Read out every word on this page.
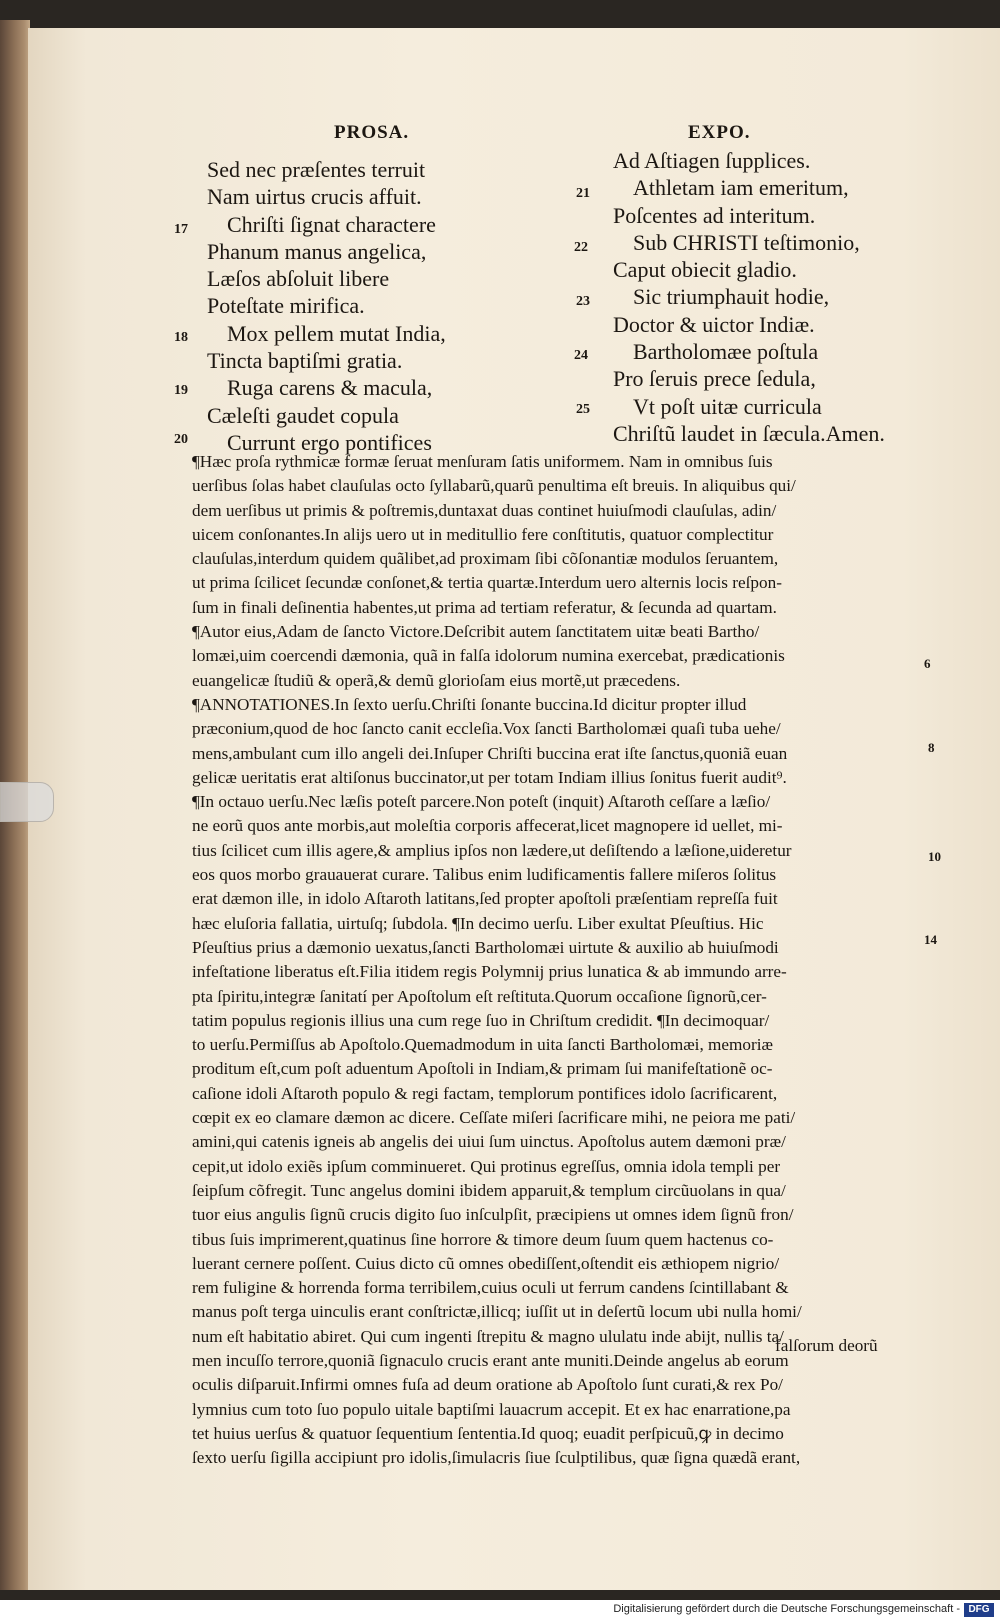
PROSA.	EXPO.
Sed nec præſentes terruit
Nam uirtus crucis affuit.
Chriſti ſignat charactere
Phanum manus angelica,
Læſos abſoluit libere
Poteſtate mirifica.
Mox pellem mutat India,
Tincta baptiſmi gratia.
Ruga carens & macula,
Cæleſti gaudet copula
Currunt ergo pontifices
Ad Aſtiagen ſupplices.
Athletam iam emeritum,
Poſcentes ad interitum.
Sub CHRISTI teſtimonio,
Caput obiecit gladio.
Sic triumphauit hodie,
Doctor & uictor Indiæ.
Bartholomæe poſtula
Pro ſeruis prece ſedula,
Vt poſt uitæ curricula
Chriſtũ laudet in ſæcula.Amen.
17
18
19
20
21
22
23
24
25
¶Hæc proſa rythmicæ formæ ſeruat menſuram ſatis uniformem. Nam in omnibus ſuis
uerſibus ſolas habet clauſulas octo ſyllabarũ,quarũ penultima eſt breuis. In aliquibus qui/
dem uerſibus ut primis & poſtremis,duntaxat duas continet huiuſmodi clauſulas, adin/
uicem conſonantes.In alijs uero ut in meditullio fere conſtitutis, quatuor complectitur
clauſulas,interdum quidem quãlibet,ad proximam ſibi cõſonantiæ modulos ſeruantem,
ut prima ſcilicet ſecundæ conſonet,& tertia quartæ.Interdum uero alternis locis reſpon-
ſum in finali deſinentia habentes,ut prima ad tertiam referatur, & ſecunda ad quartam.
¶Autor eius,Adam de ſancto Victore.Deſcribit autem ſanctitatem uitæ beati Bartho/
lomæi,uim coercendi dæmonia, quã in falſa idolorum numina exercebat, prædicationis
euangelicæ ſtudiũ & operã,& demũ glorioſam eius mortẽ,ut præcedens.
¶ANNOTATIONES.In ſexto uerſu.Chriſti ſonante buccina.Id dicitur propter illud
præconium,quod de hoc ſancto canit eccleſia.Vox ſancti Bartholomæi quaſi tuba uehe/
mens,ambulant cum illo angeli dei.Inſuper Chriſti buccina erat iſte ſanctus,quoniã euan
gelicæ ueritatis erat altiſonus buccinator,ut per totam Indiam illius ſonitus fuerit audit⁹.
¶In octauo uerſu.Nec læſis poteſt parcere.Non poteſt (inquit) Aſtaroth ceſſare a læſio/
ne eorũ quos ante morbis,aut moleſtia corporis affecerat,licet magnopere id uellet, mi-
tius ſcilicet cum illis agere,& amplius ipſos non lædere,ut deſiſtendo a læſione,uideretur
eos quos morbo grauauerat curare. Talibus enim ludificamentis fallere miſeros ſolitus
erat dæmon ille, in idolo Aſtaroth latitans,ſed propter apoſtoli præſentiam repreſſa fuit
hæc eluſoria fallatia, uirtuſq; ſubdola. ¶In decimo uerſu. Liber exultat Pſeuſtius. Hic
Pſeuſtius prius a dæmonio uexatus,ſancti Bartholomæi uirtute & auxilio ab huiuſmodi
infeſtatione liberatus eſt.Filia itidem regis Polymnij prius lunatica & ab immundo arre-
pta ſpiritu,integræ ſanitatí per Apoſtolum eſt reſtituta.Quorum occaſione ſignorũ,cer-
tatim populus regionis illius una cum rege ſuo in Chriſtum credidit. ¶In decimoquar/
to uerſu.Permiſſus ab Apoſtolo.Quemadmodum in uita ſancti Bartholomæi, memoriæ
proditum eſt,cum poſt aduentum Apoſtoli in Indiam,& primam ſui manifeſtationẽ oc-
caſione idoli Aſtaroth populo & regi factam, templorum pontifices idolo ſacrificarent,
cœpit ex eo clamare dæmon ac dicere. Ceſſate miſeri ſacrificare mihi, ne peiora me pati/
amini,qui catenis igneis ab angelis dei uiui ſum uinctus. Apoſtolus autem dæmoni præ/
cepit,ut idolo exiẽs ipſum comminueret. Qui protinus egreſſus, omnia idola templi per
ſeipſum cõfregit. Tunc angelus domini ibidem apparuit,& templum circũuolans in qua/
tuor eius angulis ſignũ crucis digito ſuo inſculpſit, præcipiens ut omnes idem ſignũ fron/
tibus ſuis imprimerent,quatinus ſine horrore & timore deum ſuum quem hactenus co-
luerant cernere poſſent. Cuius dicto cũ omnes obediſſent,oſtendit eis æthiopem nigrio/
rem fuligine & horrenda forma terribilem,cuius oculi ut ferrum candens ſcintillabant &
manus poſt terga uinculis erant conſtrictæ,illicq; iuſſit ut in deſertũ locum ubi nulla homi/
num eſt habitatio abiret. Qui cum ingenti ſtrepitu & magno ululatu inde abijt, nullis ta/
men incuſſo terrore,quoniã ſignaculo crucis erant ante muniti.Deinde angelus ab eorum
oculis diſparuit.Infirmi omnes fuſa ad deum oratione ab Apoſtolo ſunt curati,& rex Po/
lymnius cum toto ſuo populo uitale baptiſmi lauacrum accepit. Et ex hac enarratione,pa
tet huius uerſus & quatuor ſequentium ſententia.Id quoq; euadit perſpicuũ,ꝙ in decimo
ſexto uerſu ſigilla accipiunt pro idolis,ſimulacris ſiue ſculptilibus, quæ ſigna quædã erant,
6
8
10
14
falſorum deorũ
Digitalisierung gefördert durch die Deutsche Forschungsgemeinschaft - DFG
